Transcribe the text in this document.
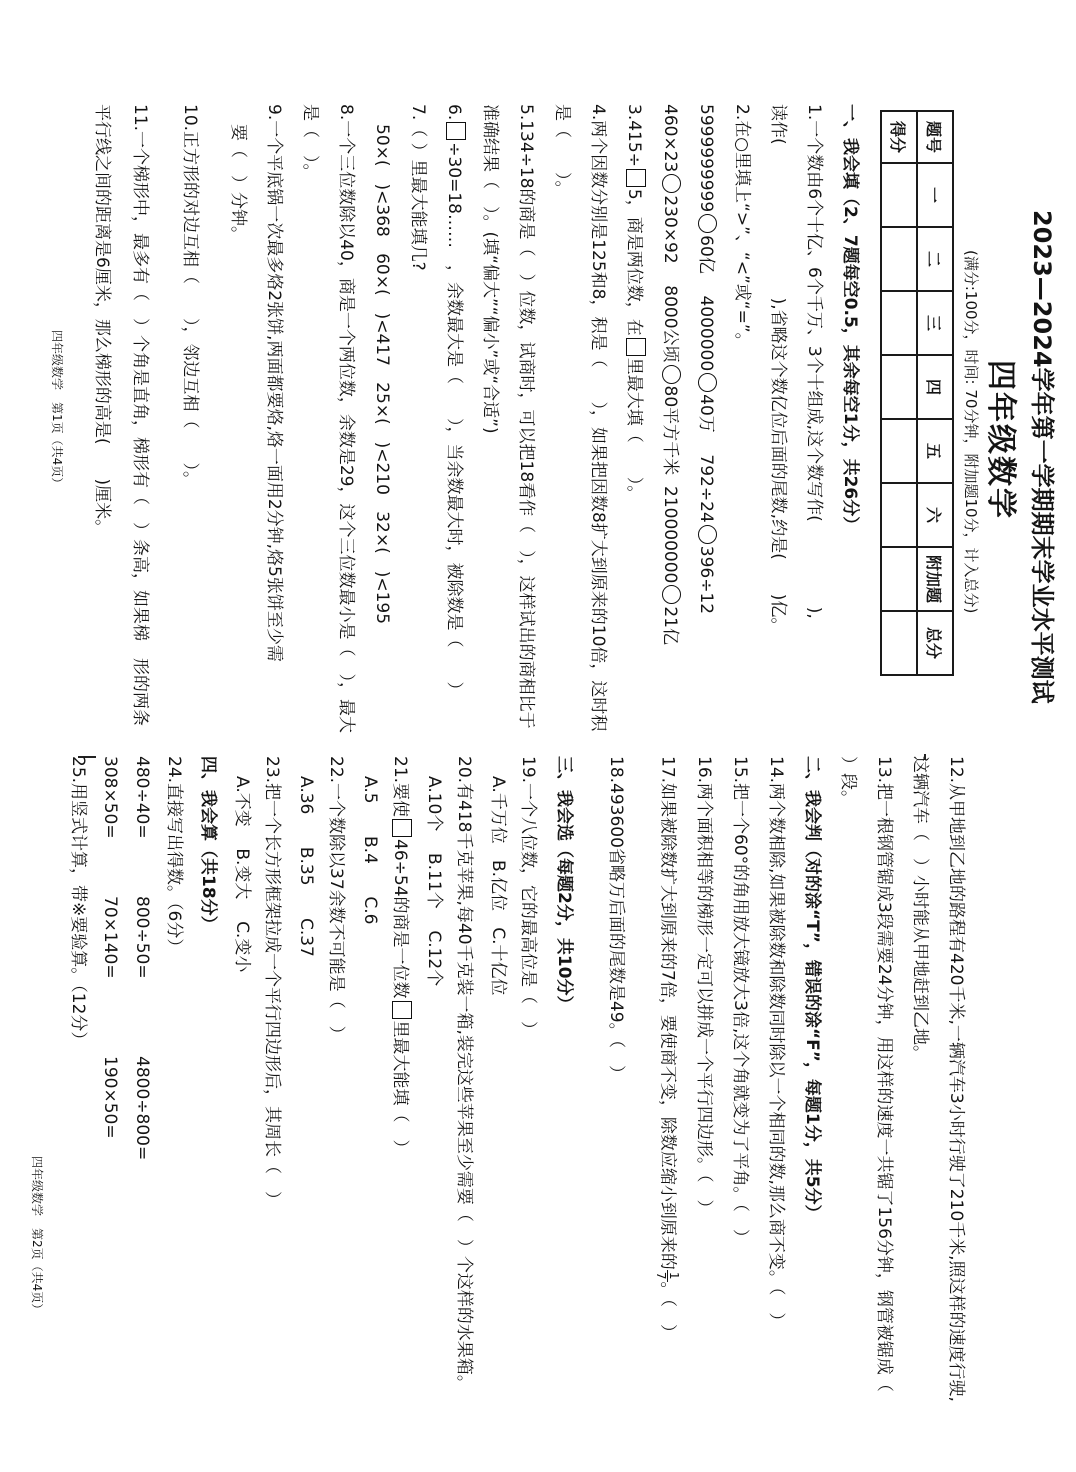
2023—2024学年第一学期期末学业水平测试
四年级数学
(满分:100分，时间: 70分钟，附加题10分，计入总分)
题号	一	二	三	四	五	六	附加题	总分
得分								
一、我会填（2、7题每空0.5，其余每空1分，共26分）
1.一个数由6个十亿、6个千万、3个十组成,这个数写作(　　　　　),
读作(　　　　　　　　　),省略这个数亿位后面的尾数,约是(　　)亿。
2.在○里填上“>”、“<”或“=”。
599999999960亿    400000040万    792÷24396÷12
460×23230×92    8000公顷80平方千米  21000000021亿
3.415÷5，商是两位数，在里最大填（　　）。
4.两个因数分别是125和8，积是（　　），如果把因数8扩大到原来的10倍，这时积
是（　　）。
5.134÷18的商是（　）位数，试商时，可以把18看作（　），这样试出的商相比于
准确结果（　）。(填“偏大”“偏小”或“合适”)
6.÷30=18……　，余数最大是（　　），当余数最大时，被除数是（　　）
7.（ ）里最大能填几?
50×(　)<368   60×(　)<417   25×(　)<210   32×(　)<195
8.一个三位数除以40，商是一个两位数，余数是29，这个三位数最小是（　），最大
是（　）。
9.一个平底锅一次最多烙2张饼,两面都要烙,烙一面用2分钟,烙5张饼至少需
要（　）分钟。
10.正方形的对边互相（　　），邻边互相（　　）。
11.一个梯形中，最多有（　）个角是直角，梯形有（　）条高，如果梯　形的两条
平行线之间的距离是6厘米，那么梯形的高是(　　)厘米。
四年级数学　第1页（共4页）
12.从甲地到乙地的路程有420千米,一辆汽车3小时行驶了210千米,照这样的速度行驶,
这辆汽车（　）小时能从甲地赶到乙地。
13.把一根钢管锯成3段需要24分钟，用这样的速度一共锯了156分钟，钢管被锯成（
）段。
二、我会判（对的涂“T”，错误的涂“F”，每题1分，共5分）
14.两个数相除,如果被除数和除数同时除以一个相同的数,那么商不变。（　）
15.把一个60°的角用放大镜放大3倍,这个角就变为了平角。（　）
16.两个面积相等的梯形一定可以拼成一个平行四边形。（　）
17.如果被除数扩大到原来的7倍，要使商不变，除数应缩小到原来的
1
7
。（　）
18.493600省略万后面的尾数是49。（　）
三、我会选（每题2分，共10分）
19.一个八位数，它的最高位是（　）
A.千万位   B.亿位   C.十亿位
20.有418千克苹果,每40千克装一箱,装完这些苹果至少需要（　）个这样的水果箱。
A.10个    B.11个    C.12个
21.要使46÷54的商是一位数里最大能填（　）
A.5      B.4      C.6
22.一个数除以37余数不可能是（　）
A.36      B.35      C.37
23.把一个长方形框架拉成一个平行四边形后，其周长（　）
A.不变    B.变大    C.变小
四、我会算（共18分）
24.直接写出得数。（6分）
480÷40=800÷50=4800÷800=
308×50=70×140=190×50=
25.用竖式计算，带※要验算。（12分）
四年级数学　第2页（共4页）
